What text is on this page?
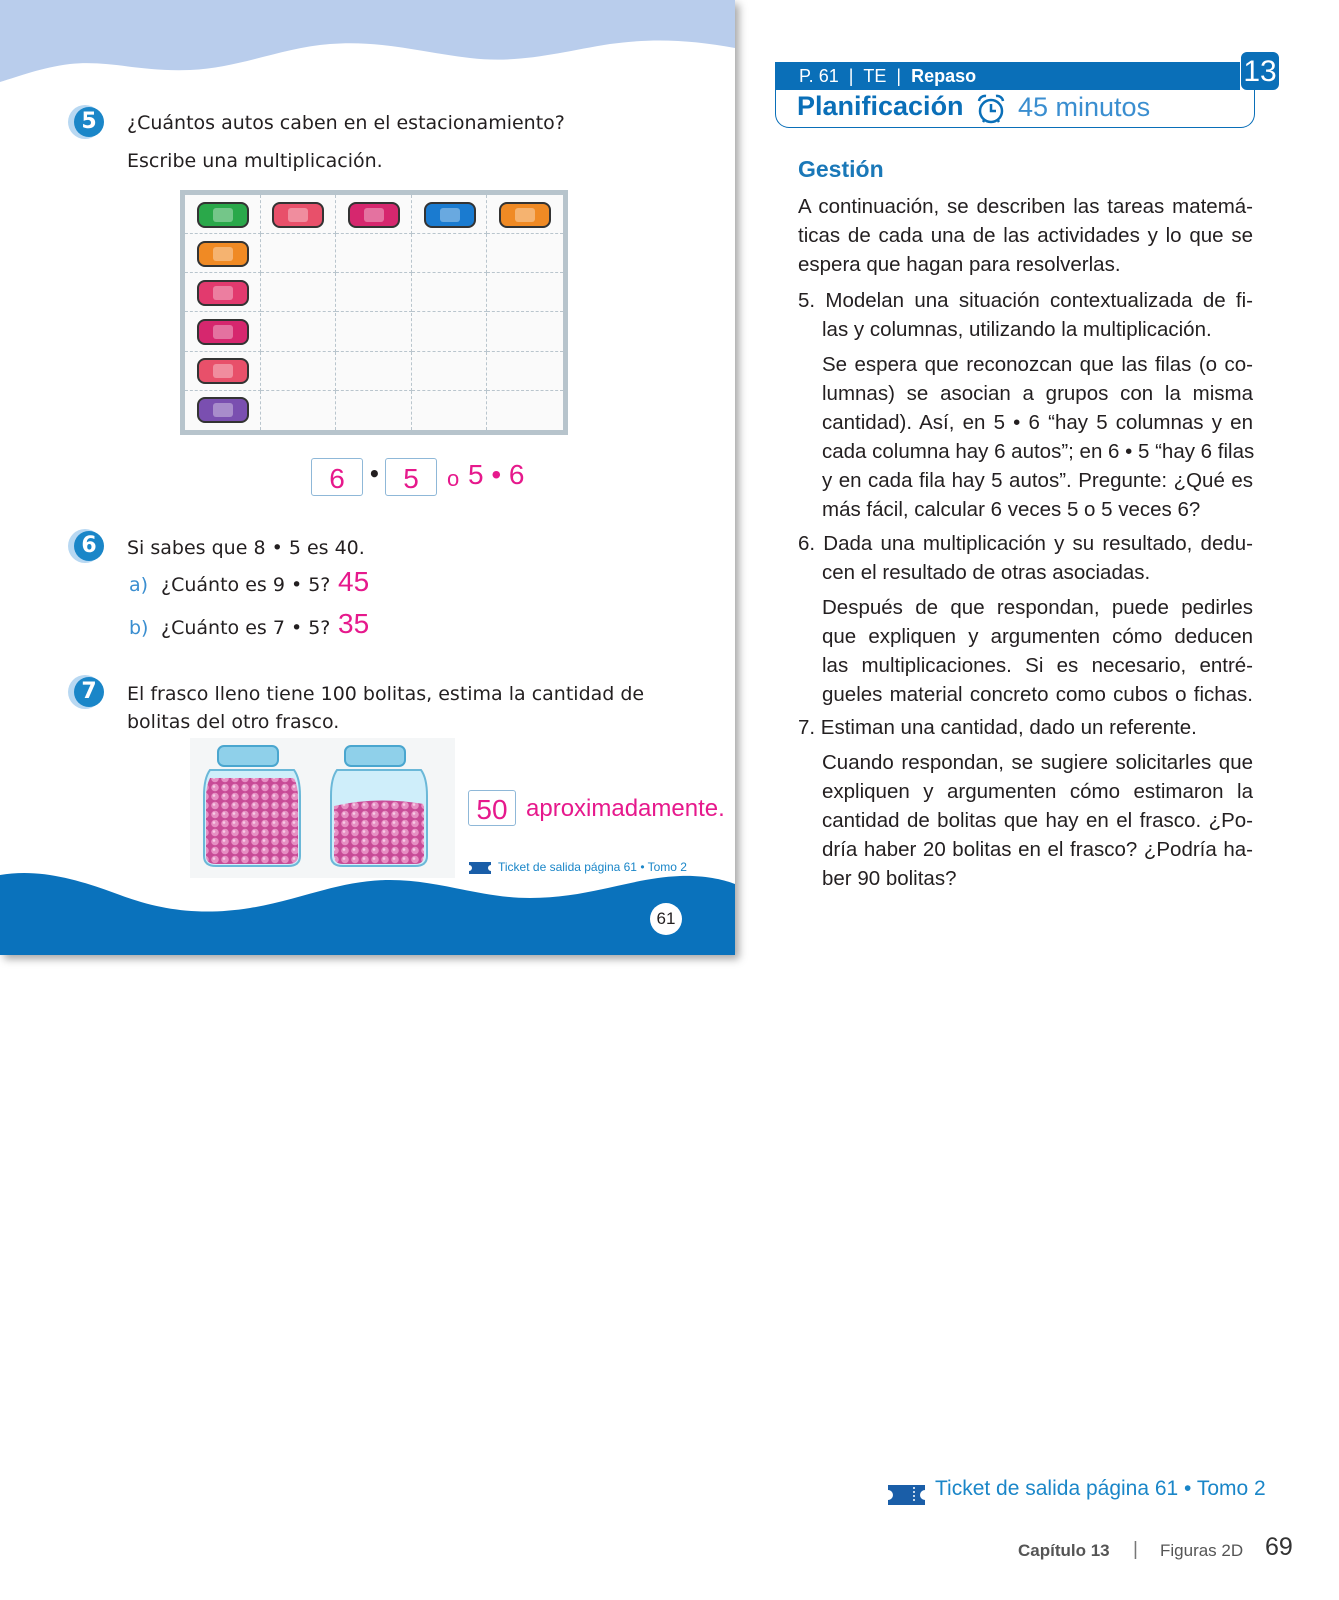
5	¿Cuántos autos caben en el estacionamiento?
Escribe una multiplicación.
6	• 5	o 5 • 6
6	Si sabes que 8 • 5 es 40.
a) ¿Cuánto es 9 • 5? 45
b) ¿Cuánto es 7 • 5? 35
7	El frasco lleno tiene 100 bolitas, estima la cantidad de
bolitas del otro frasco.
50 aproximadamente.
Ticket de salida página 61 • Tomo 2
61
P. 61 | TE | Repaso	13
Planificación 45 minutos
Gestión
A continuación, se describen las tareas matemá-
ticas de cada una de las actividades y lo que se
espera que hagan para resolverlas.
5. Modelan una situación contextualizada de fi-
las y columnas, utilizando la multiplicación.
Se espera que reconozcan que las filas (o co-
lumnas) se asocian a grupos con la misma
cantidad). Así, en 5 • 6 “hay 5 columnas y en
cada columna hay 6 autos”; en 6 • 5 “hay 6 filas
y en cada fila hay 5 autos”. Pregunte: ¿Qué es
más fácil, calcular 6 veces 5 o 5 veces 6?
6. Dada una multiplicación y su resultado, dedu-
cen el resultado de otras asociadas.
Después de que respondan, puede pedirles
que expliquen y argumenten cómo deducen
las multiplicaciones. Si es necesario, entré-
gueles material concreto como cubos o fichas.
7. Estiman una cantidad, dado un referente.
Cuando respondan, se sugiere solicitarles que
expliquen y argumenten cómo estimaron la
cantidad de bolitas que hay en el frasco. ¿Po-
dría haber 20 bolitas en el frasco? ¿Podría ha-
ber 90 bolitas?
Ticket de salida página 61 • Tomo 2
Capítulo 13 | Figuras 2D 69
